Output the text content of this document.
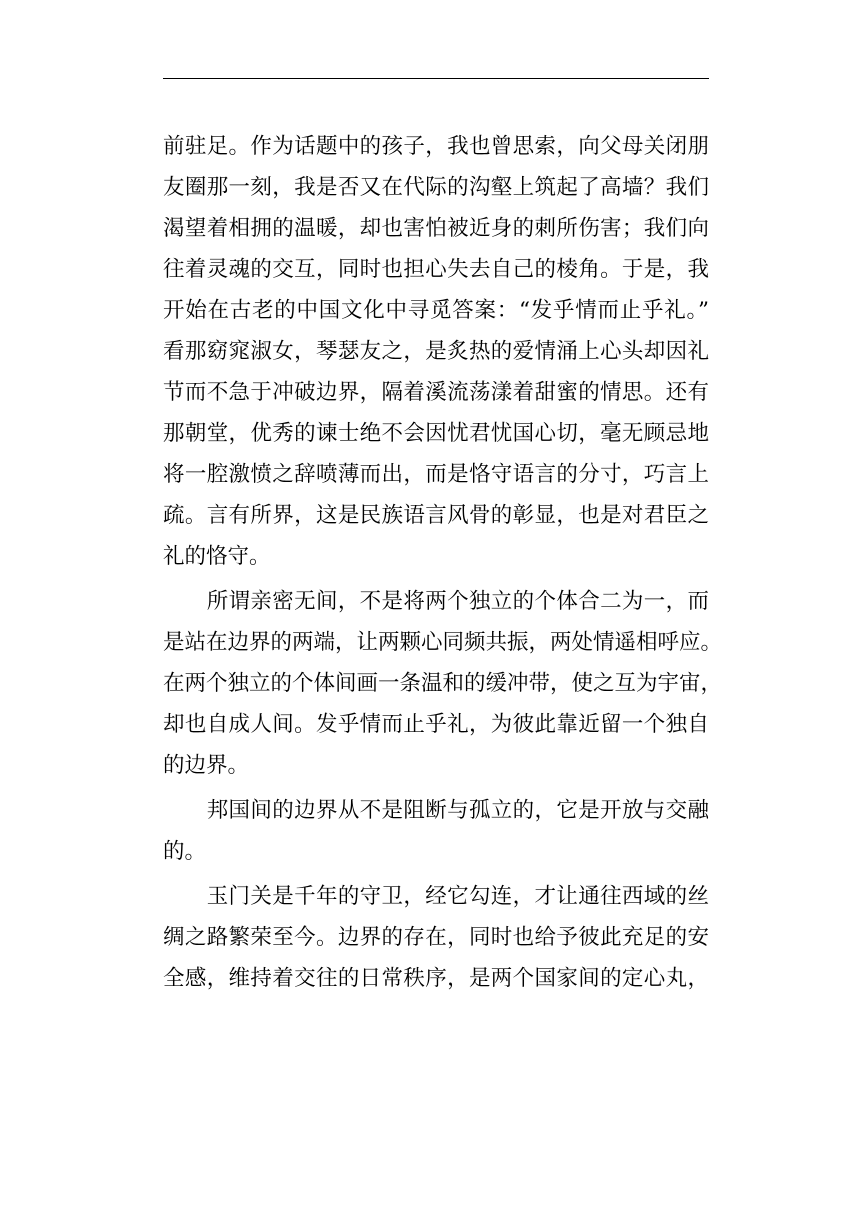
前驻足。作为话题中的孩子，我也曾思索，向父母关闭朋
友圈那一刻，我是否又在代际的沟壑上筑起了高墙？我们
渴望着相拥的温暖，却也害怕被近身的刺所伤害；我们向
往着灵魂的交互，同时也担心失去自己的棱角。于是，我
开始在古老的中国文化中寻觅答案：“发乎情而止乎礼。”
看那窈窕淑女，琴瑟友之，是炙热的爱情涌上心头却因礼
节而不急于冲破边界，隔着溪流荡漾着甜蜜的情思。还有
那朝堂，优秀的谏士绝不会因忧君忧国心切，毫无顾忌地
将一腔激愤之辞喷薄而出，而是恪守语言的分寸，巧言上
疏。言有所界，这是民族语言风骨的彰显，也是对君臣之
礼的恪守。
　　所谓亲密无间，不是将两个独立的个体合二为一，而
是站在边界的两端，让两颗心同频共振，两处情遥相呼应。
在两个独立的个体间画一条温和的缓冲带，使之互为宇宙，
却也自成人间。发乎情而止乎礼，为彼此靠近留一个独自
的边界。
　　邦国间的边界从不是阻断与孤立的，它是开放与交融
的。
　　玉门关是千年的守卫，经它勾连，才让通往西域的丝
绸之路繁荣至今。边界的存在，同时也给予彼此充足的安
全感，维持着交往的日常秩序，是两个国家间的定心丸，
